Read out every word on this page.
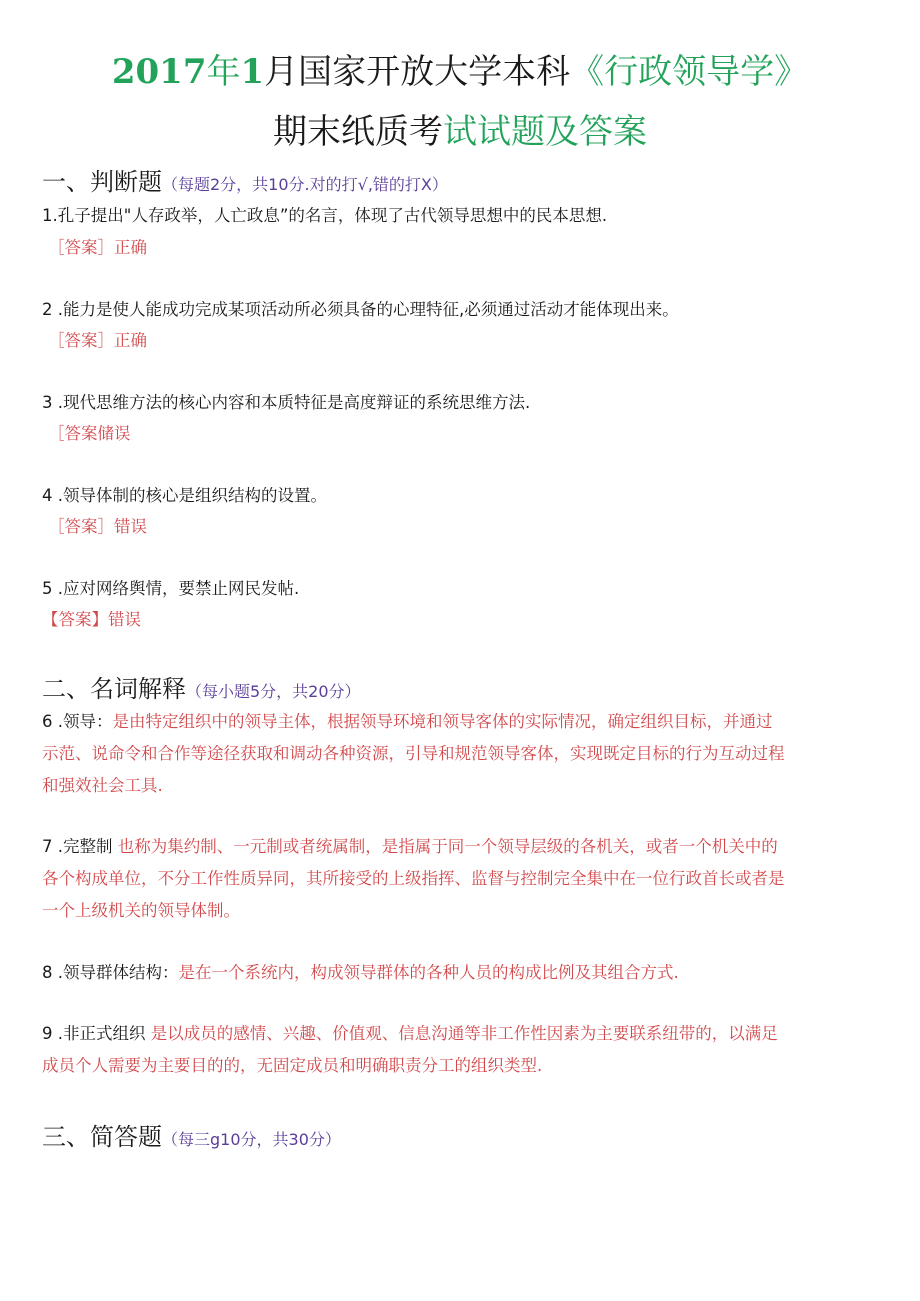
2017年1月国家开放大学本科《行政领导学》
期末纸质考试试题及答案
一、判断题（每题2分，共10分.对的打√,错的打X）
1.孔子提出"人存政举，人亡政息”的名言，体现了古代领导思想中的民本思想.
［答案］正确
2 .能力是使人能成功完成某项活动所必须具备的心理特征,必须通过活动才能体现出来。
［答案］正确
3 .现代思维方法的核心内容和本质特征是高度辩证的系统思维方法.
［答案储误
4 .领导体制的核心是组织结构的设置。
［答案］错误
5 .应对网络舆情，要禁止网民发帖.
【答案】错误
二、名词解释（每小题5分，共20分）
6 .领导：是由特定组织中的领导主体，根据领导环境和领导客体的实际情况，确定组织目标，并通过
示范、说命令和合作等途径获取和调动各种资源，引导和规范领导客体，实现既定目标的行为互动过程
和强效社会工具.
7 .完整制 也称为集约制、一元制或者统属制，是指属于同一个领导层级的各机关，或者一个机关中的
各个构成单位，不分工作性质异同，其所接受的上级指挥、监督与控制完全集中在一位行政首长或者是
一个上级机关的领导体制。
8 .领导群体结构：是在一个系统内，构成领导群体的各种人员的构成比例及其组合方式.
9 .非正式组织 是以成员的感情、兴趣、价值观、信息沟通等非工作性因素为主要联系纽带的，以满足
成员个人需要为主要目的的，无固定成员和明确职责分工的组织类型.
三、简答题（每三g10分，共30分）
